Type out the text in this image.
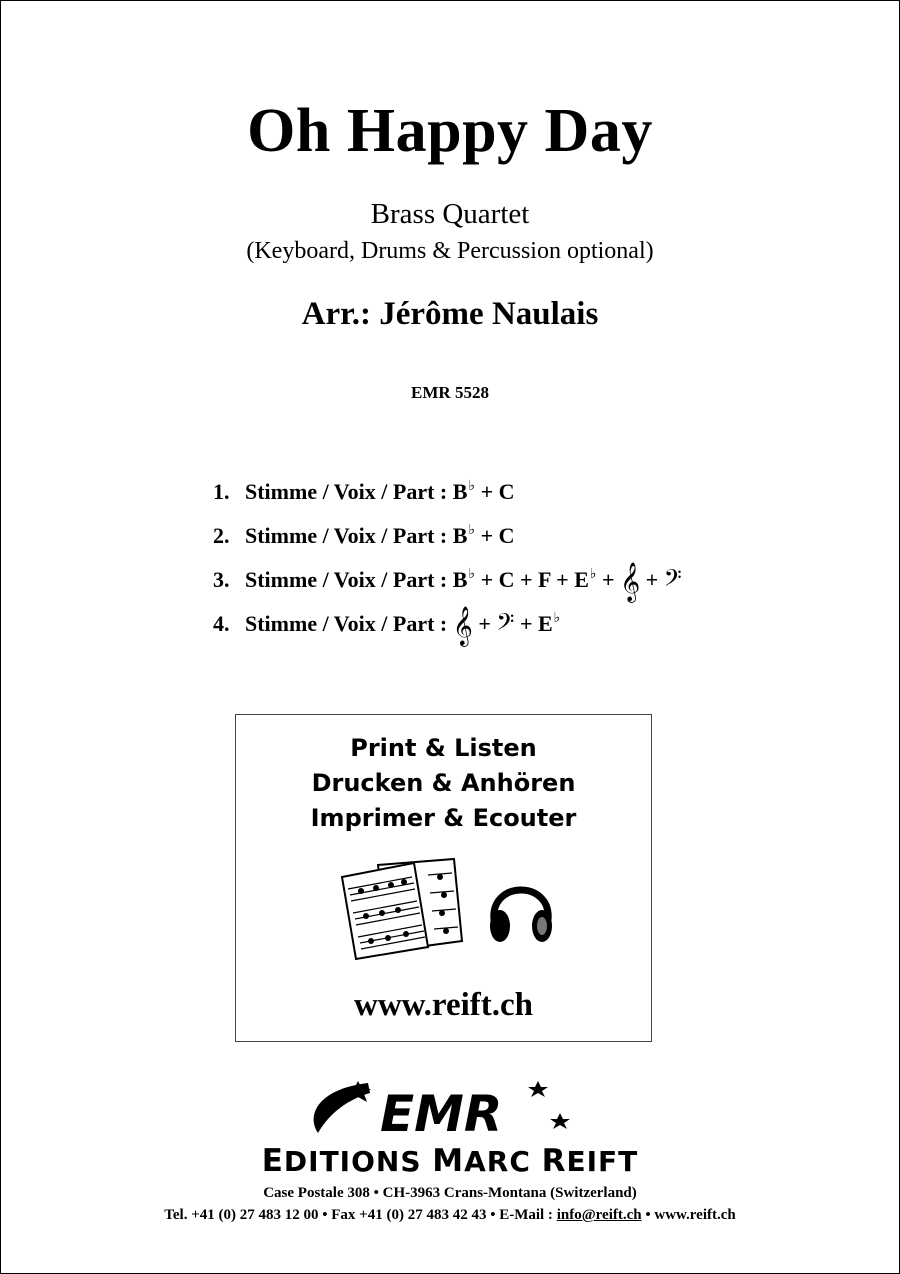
Oh Happy Day
Brass Quartet
(Keyboard, Drums & Percussion optional)
Arr.: Jérôme Naulais
EMR 5528
1. Stimme / Voix / Part : B♭ + C
2. Stimme / Voix / Part : B♭ + C
3. Stimme / Voix / Part : B♭ + C + F + E♭ + 𝄞 + 𝄢
4. Stimme / Voix / Part : 𝄞 + 𝄢 + E♭
Print & Listen
Drucken & Anhören
Imprimer & Ecouter
www.reift.ch
EMR
EDITIONS MARC REIFT
Case Postale 308 • CH-3963 Crans-Montana (Switzerland)
Tel. +41 (0) 27 483 12 00 • Fax +41 (0) 27 483 42 43 • E-Mail : info@reift.ch • www.reift.ch
